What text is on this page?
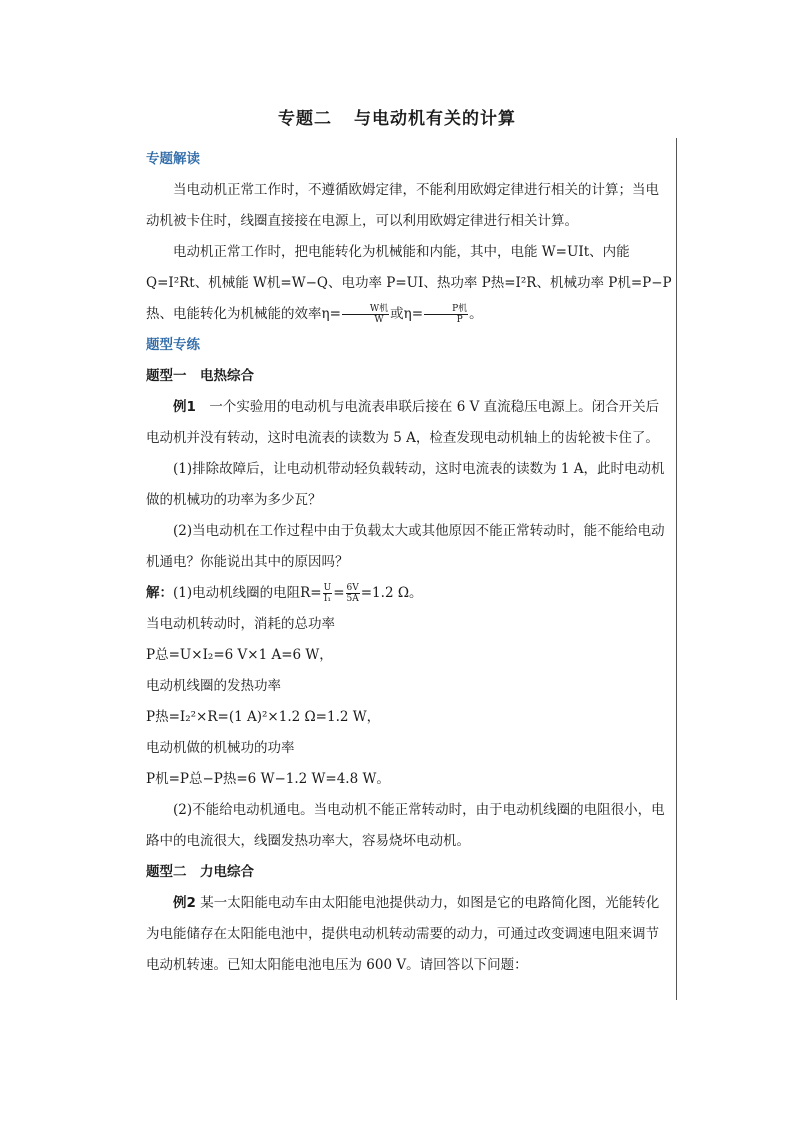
专题二 与电动机有关的计算
专题解读
当电动机正常工作时，不遵循欧姆定律，不能利用欧姆定律进行相关的计算；当电动机被卡住时，线圈直接接在电源上，可以利用欧姆定律进行相关计算。
电动机正常工作时，把电能转化为机械能和内能，其中，电能 W=UIt、内能 Q=I²Rt、机械能 W机=W−Q、电功率 P=UI、热功率 P热=I²R、机械功率 P机=P−P热、电能转化为机械能的效率$\eta= \frac{\text{W机}}{W}$ 或$\eta= \frac{\text{P机}}{P}$ 。
题型专练
题型一　电热综合
例1　一个实验用的电动机与电流表串联后接在 6 V 直流稳压电源上。闭合开关后电动机并没有转动，这时电流表的读数为 5 A，检查发现电动机轴上的齿轮被卡住了。
(1)排除故障后，让电动机带动轻负载转动，这时电流表的读数为 1 A，此时电动机做的机械功的功率为多少瓦？
(2)当电动机在工作过程中由于负载太大或其他原因不能正常转动时，能不能给电动机通电？你能说出其中的原因吗？
解：(1)电动机线圈的电阻$R= \frac{U}{\text{I₁}} = \frac{6V}{5A} =1.2$ Ω。
当电动机转动时，消耗的总功率
P总=U×I₂=6 V×1 A=6 W，
电动机线圈的发热功率
P热=I₂²×R=(1 A)²×1.2 Ω=1.2 W，
电动机做的机械功的功率
P机=P总−P热=6 W−1.2 W=4.8 W。
(2)不能给电动机通电。当电动机不能正常转动时，由于电动机线圈的电阻很小，电路中的电流很大，线圈发热功率大，容易烧坏电动机。
题型二　力电综合
例2 某一太阳能电动车由太阳能电池提供动力，如图是它的电路简化图，光能转化为电能储存在太阳能电池中，提供电动机转动需要的动力，可通过改变调速电阻来调节电动机转速。已知太阳能电池电压为 600 V。请回答以下问题：
